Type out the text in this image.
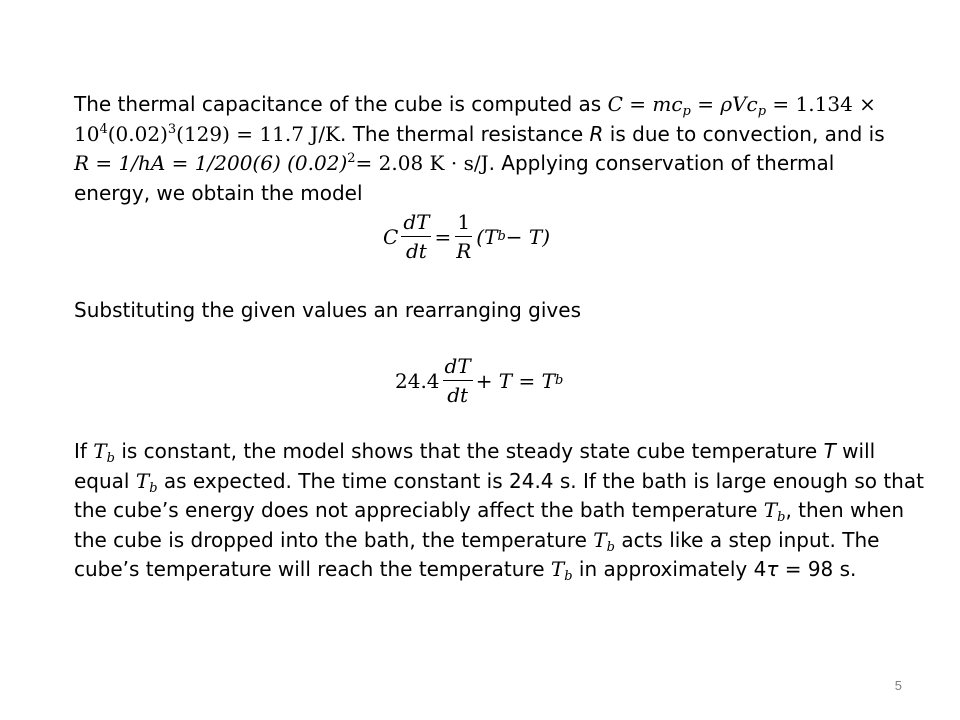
The thermal capacitance of the cube is computed as $C = mc_p = \rho Vc_p = 1.134$ ×
$10^4(0.02)^3(129) = 11.7$ J/K. The thermal resistance R is due to convection, and is
R = 1/hA = 1/200(6) $(0.02)^2= 2.08$ K · s/J. Applying conservation of thermal
energy, we obtain the model
C $\frac{dT}{dt} = \frac{1}{R} (T$ b − T)
Substituting the given values an rearranging gives
$24.4 \frac{dT}{dt} + T = T$ b
If $T_b$ is constant, the model shows that the steady state cube temperature T will
equal $T_b$ as expected. The time constant is 24.4 s. If the bath is large enough so that
the cube’s energy does not appreciably affect the bath temperature $T_b$, then when
the cube is dropped into the bath, the temperature $T_b$ acts like a step input. The
cube’s temperature will reach the temperature $T_b$ in approximately 4τ = 98 s.
5
